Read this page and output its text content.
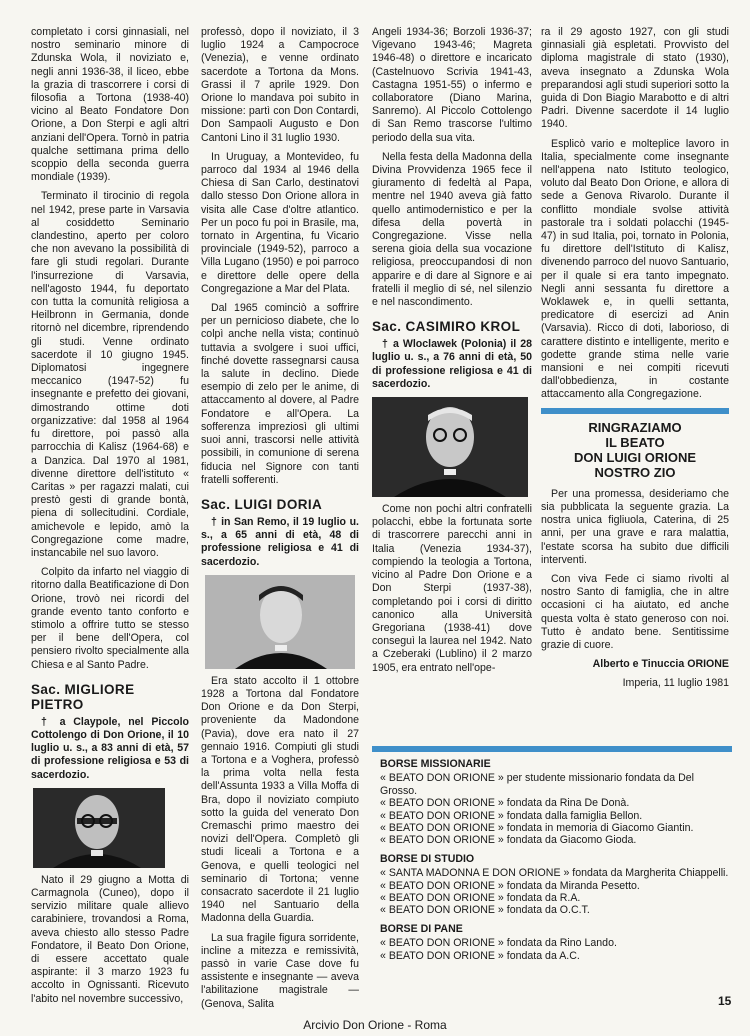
completato i corsi ginnasiali, nel nostro seminario minore di Zdunska Wola, il noviziato e, negli anni 1936-38, il liceo, ebbe la grazia di trascorrere i corsi di filosofia a Tortona (1938-40) vicino al Beato Fondatore Don Orione, a Don Sterpi e agli altri anziani dell'Opera. Tornò in patria qualche settimana prima dello scoppio della seconda guerra mondiale (1939).

Terminato il tirocinio di regola nel 1942, prese parte in Varsavia al cosiddetto Seminario clandestino, aperto per coloro che non avevano la possibilità di fare gli studi regolari. Durante l'insurrezione di Varsavia, nell'agosto 1944, fu deportato con tutta la comunità religiosa a Heilbronn in Germania, donde ritornò nel dicembre, riprendendo gli studi. Venne ordinato sacerdote il 10 giugno 1945. Diplomatosi ingegnere meccanico (1947-52) fu insegnante e prefetto dei giovani, dimostrando ottime doti organizzative: dal 1958 al 1964 fu direttore, poi passò alla parrocchia di Kalisz (1964-68) e a Danzica. Dal 1970 al 1981, divenne direttore dell'istituto « Caritas » per ragazzi malati, cui prestò gesti di grande bontà, piena di sollecitudini. Cordiale, amichevole e lepido, amò la Congregazione come madre, instancabile nel suo lavoro.

Colpito da infarto nel viaggio di ritorno dalla Beatificazione di Don Orione, trovò nei ricordi del grande evento tanto conforto e stimolo a offrire tutto se stesso per il bene dell'Opera, col pensiero rivolto specialmente alla Chiesa e al Santo Padre.

Sac. MIGLIORE PIETRO

† a Claypole, nel Piccolo Cottolengo di Don Orione, il 10 luglio u. s., a 83 anni di età, 57 di professione religiosa e 53 di sacerdozio.

Nato il 29 giugno a Motta di Carmagnola (Cuneo), dopo il servizio militare quale allievo carabiniere, trovandosi a Roma, aveva chiesto allo stesso Padre Fondatore, il Beato Don Orione, di essere accettato quale aspirante: il 3 marzo 1923 fu accolto in Ognissanti. Ricevuto l'abito nel novembre successivo,

professò, dopo il noviziato, il 3 luglio 1924 a Campocroce (Venezia), e venne ordinato sacerdote a Tortona da Mons. Grassi il 7 aprile 1929. Don Orione lo mandava poi subito in missione: partì con Don Contardi, Don Sampaoli Augusto e Don Cantoni Lino il 31 luglio 1930.

In Uruguay, a Montevideo, fu parroco dal 1934 al 1946 della Chiesa di San Carlo, destinatovi dallo stesso Don Orione allora in visita alle Case d'oltre atlantico. Per un poco fu poi in Brasile, ma, tornato in Argentina, fu Vicario provinciale (1949-52), parroco a Villa Lugano (1950) e poi parroco e direttore delle opere della Congregazione a Mar del Plata.

Dal 1965 cominciò a soffrire per un pernicioso diabete, che lo colpì anche nella vista; continuò tuttavia a svolgere i suoi uffici, finché dovette rassegnarsi causa la salute in declino. Diede esempio di zelo per le anime, di attaccamento al dovere, al Padre Fondatore e all'Opera. La sofferenza impreziosì gli ultimi suoi anni, trascorsi nelle attività possibili, in comunione di serena fiducia nel Signore con tanti fratelli sofferenti.

Sac. LUIGI DORIA

† in San Remo, il 19 luglio u. s., a 65 anni di età, 48 di professione religiosa e 41 di sacerdozio.

Era stato accolto il 1 ottobre 1928 a Tortona dal Fondatore Don Orione e da Don Sterpi, proveniente da Madondone (Pavia), dove era nato il 27 gennaio 1916. Compiuti gli studi a Tortona e a Voghera, professò la prima volta nella festa dell'Assunta 1933 a Villa Moffa di Bra, dopo il noviziato compiuto sotto la guida del venerato Don Cremaschi primo maestro dei novizi dell'Opera. Completò gli studi liceali a Tortona e a Genova, e quelli teologici nel seminario di Tortona; venne consacrato sacerdote il 21 luglio 1940 nel Santuario della Madonna della Guardia.

La sua fragile figura sorridente, incline a mitezza e remissività, passò in varie Case dove fu assistente e insegnante — aveva l'abilitazione magistrale — (Genova, Salita

Angeli 1934-36; Borzoli 1936-37; Vigevano 1943-46; Magreta 1946-48) o direttore e incaricato (Castelnuovo Scrivia 1941-43, Castagna 1951-55) o infermo e collaboratore (Diano Marina, Sanremo). Al Piccolo Cottolengo di San Remo trascorse l'ultimo periodo della sua vita.

Nella festa della Madonna della Divina Provvidenza 1965 fece il giuramento di fedeltà al Papa, mentre nel 1940 aveva già fatto quello antimodernistico e per la difesa della povertà in Congregazione. Visse nella serena gioia della sua vocazione religiosa, preoccupandosi di non apparire e di dare al Signore e ai fratelli il meglio di sé, nel silenzio e nel nascondimento.

Sac. CASIMIRO KROL

† a Wloclawek (Polonia) il 28 luglio u. s., a 76 anni di età, 50 di professione religiosa e 41 di sacerdozio.

Come non pochi altri confratelli polacchi, ebbe la fortunata sorte di trascorrere parecchi anni in Italia (Venezia 1934-37), compiendo la teologia a Tortona, vicino al Padre Don Orione e a Don Sterpi (1937-38), completando poi i corsi di diritto canonico alla Università Gregoriana (1938-41) dove conseguì la laurea nel 1942. Nato a Czeberaki (Lublino) il 2 marzo 1905, era entrato nell'ope-

ra il 29 agosto 1927, con gli studi ginnasiali già espletati. Provvisto del diploma magistrale di stato (1930), aveva insegnato a Zdunska Wola preparandosi agli studi superiori sotto la guida di Don Biagio Marabotto e di altri Padri. Divenne sacerdote il 14 luglio 1940.

Esplicò vario e molteplice lavoro in Italia, specialmente come insegnante nell'appena nato Istituto teologico, voluto dal Beato Don Orione, e allora di sede a Genova Rivarolo. Durante il conflitto mondiale svolse attività pastorale tra i soldati polacchi (1945-47) in sud Italia, poi, tornato in Polonia, fu direttore dell'Istituto di Kalisz, divenendo parroco del nuovo Santuario, per il quale si era tanto impegnato. Negli anni sessanta fu direttore a Woklawek e, in quelli settanta, predicatore di esercizi ad Anin (Varsavia). Ricco di doti, laborioso, di carattere distinto e intelligente, merito e godette grande stima nelle varie mansioni e nei compiti ricevuti dall'obbedienza, in costante attaccamento alla Congregazione.

RINGRAZIAMO
IL BEATO
DON LUIGI ORIONE
NOSTRO ZIO

Per una promessa, desideriamo che sia pubblicata la seguente grazia. La nostra unica figliuola, Caterina, di 25 anni, per una grave e rara malattia, l'estate scorsa ha subito due difficili interventi.

Con viva Fede ci siamo rivolti al nostro Santo di famiglia, che in altre occasioni ci ha aiutato, ed anche questa volta è stato generoso con noi. Tutto è andato bene. Sentitissime grazie di cuore.

Alberto e Tinuccia ORIONE

Imperia, 11 luglio 1981

BORSE MISSIONARIE
« BEATO DON ORIONE » per studente missionario fondata da Del Grosso.
« BEATO DON ORIONE » fondata da Rina De Donà.
« BEATO DON ORIONE » fondata dalla famiglia Bellon.
« BEATO DON ORIONE » fondata in memoria di Giacomo Giantin.
« BEATO DON ORIONE » fondata da Giacomo Gioda.
BORSE DI STUDIO
« SANTA MADONNA E DON ORIONE » fondata da Margherita Chiappelli.
« BEATO DON ORIONE » fondata da Miranda Pesetto.
« BEATO DON ORIONE » fondata da R.A.
« BEATO DON ORIONE » fondata da O.C.T.
BORSE DI PANE
« BEATO DON ORIONE » fondata da Rino Lando.
« BEATO DON ORIONE » fondata da A.C.
15
Arcivio Don Orione - Roma
